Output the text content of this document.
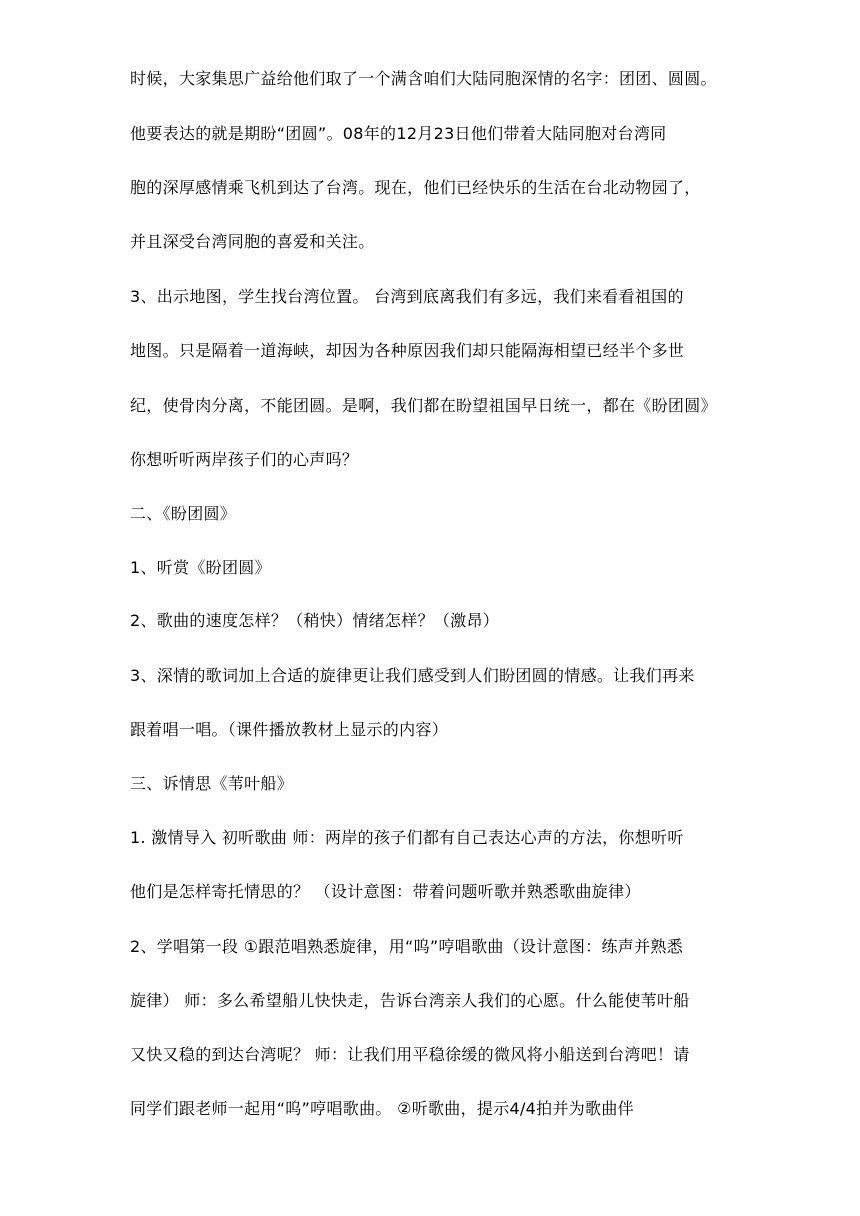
时候，大家集思广益给他们取了一个满含咱们大陆同胞深情的名字：团团、圆圆。
他要表达的就是期盼“团圆”。08年的12月23日他们带着大陆同胞对台湾同
胞的深厚感情乘飞机到达了台湾。现在，他们已经快乐的生活在台北动物园了，
并且深受台湾同胞的喜爱和关注。
3、出示地图，学生找台湾位置。 台湾到底离我们有多远，我们来看看祖国的
地图。只是隔着一道海峡，却因为各种原因我们却只能隔海相望已经半个多世
纪，使骨肉分离，不能团圆。是啊，我们都在盼望祖国早日统一，都在《盼团圆》
你想听听两岸孩子们的心声吗？
二、《盼团圆》
1、听赏《盼团圆》
2、歌曲的速度怎样？（稍快）情绪怎样？（激昂）
3、深情的歌词加上合适的旋律更让我们感受到人们盼团圆的情感。让我们再来
跟着唱一唱。（课件播放教材上显示的内容）
三、诉情思《苇叶船》
1. 激情导入 初听歌曲 师：两岸的孩子们都有自己表达心声的方法，你想听听
他们是怎样寄托情思的？ （设计意图：带着问题听歌并熟悉歌曲旋律）
2、学唱第一段 ①跟范唱熟悉旋律，用“呜”哼唱歌曲（设计意图：练声并熟悉
旋律） 师：多么希望船儿快快走，告诉台湾亲人我们的心愿。什么能使苇叶船
又快又稳的到达台湾呢？ 师：让我们用平稳徐缓的微风将小船送到台湾吧！请
同学们跟老师一起用“呜”哼唱歌曲。 ②听歌曲，提示4/4拍并为歌曲伴
